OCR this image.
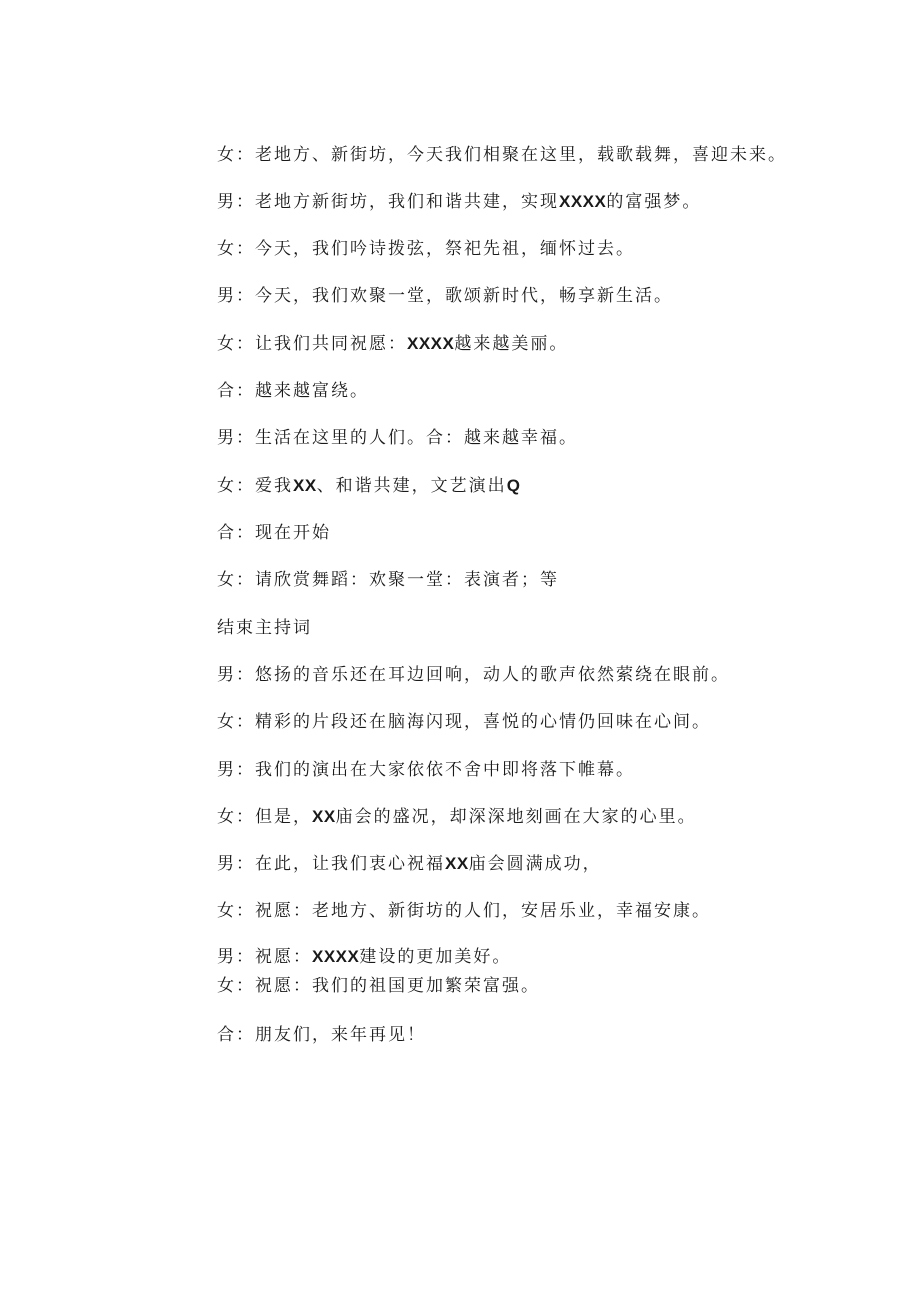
女：老地方、新街坊，今天我们相聚在这里，载歌载舞，喜迎未来。

男：老地方新街坊，我们和谐共建，实现XXXX的富强梦。

女：今天，我们吟诗拨弦，祭祀先祖，缅怀过去。

男：今天，我们欢聚一堂，歌颂新时代，畅享新生活。

女：让我们共同祝愿：XXXX越来越美丽。

合：越来越富绕。

男：生活在这里的人们。合：越来越幸福。

女：爱我XX、和谐共建，文艺演出Q

合：现在开始

女：请欣赏舞蹈：欢聚一堂：表演者；等

结束主持词

男：悠扬的音乐还在耳边回响，动人的歌声依然萦绕在眼前。

女：精彩的片段还在脑海闪现，喜悦的心情仍回味在心间。

男：我们的演出在大家依依不舍中即将落下帷幕。

女：但是，XX庙会的盛况，却深深地刻画在大家的心里。

男：在此，让我们衷心祝福XX庙会圆满成功，

女：祝愿：老地方、新街坊的人们，安居乐业，幸福安康。

男：祝愿：XXXX建设的更加美好。

女：祝愿：我们的祖国更加繁荣富强。

合：朋友们，来年再见！
